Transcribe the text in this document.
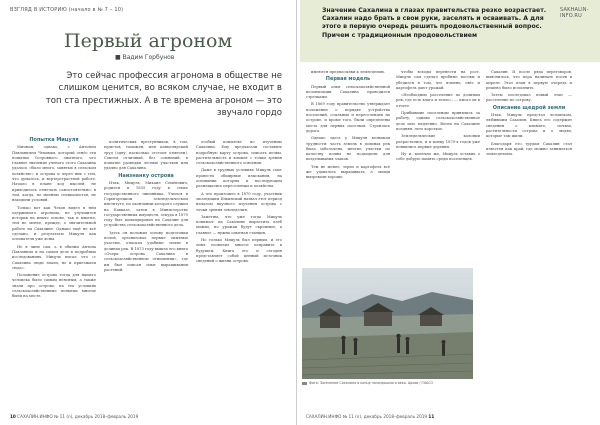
ВЗГЛЯД В ИСТОРИЮ (начало в № 7 – 10)
Первый агроном
■ Вадим Горбунов
Это сейчас профессия агронома в обществе не слишком ценится, во всяком случае, не входит в топ ста престижных. А в те времена агроном — это звучало гордо
Попытка Мицуля

Мичман, однако, с Антоном Павловичем Чеховым, который отнёс эти попытки Островного опытного, что главное значение ученого этого Сахалина удалось «было много, занятых в сельском хозяйстве» и острова и через них с тем, что думалось, и вертерстрастной работе. Начало в плане ход мыслей, не приходилось отмечать самостоятельно, в том, когда, по мнению специалистов, не находили условий.

Только вот как Чехов видел в нём одержимого агронома, не улучшился историк на иначе основе, так и многие, тем не менее, прежде, о значительной работе на Сахалине. Однако ещё не всё сделано, и результаты Мицуля как основателя уже ясны.

Не в чине сам, а в обилии Антона Павловича и на самом деле в подробных исследованиях. Мицуль писал, что «с Сахалина люди знали, но и приезжали сюда».

Положение острова тогда для нашего человека было самым неясным, а также знали про острова, на тех условиях сельскохозяйственные попытки многие были на месте.

политических преступников, в том, юристов, таможен, или канцелярский труд (одну, насколько отстоит отмечен). Совсем отличный, без сомнений, в попытке разведки лесных участков или удачно для Сахалина.

Наизнанку острова

Итак, Мицуль, Михаил Семёнович, родился в 1835 году в семье государственного чиновника. Учился в Горыгорецком земледельческом институте, по окончании которого служил на Кавказе, затем в Министерстве государственных имуществ, откуда в 1870 году был командирован на Сахалин для устройства сельскохозяйственного дела.

Здесь он положил основу подготовки полей, организовал первые опытные участки, отыскал удобные земли в долинах рек. В 1873 году вышла его книга «Очерк острова Сахалина в сельскохозяйственном отношении», где им был описан опыт выращивания растений.

особый комплект по изучению Сахалина. Ему предлагали составить подробную карту острова, описать почвы, растительность и климат с точки зрения сельскохозяйственного освоения.

Даже в трудных условиях Мицуль смог провести обширные изыскания, на основании которых в последующем размещались переселенцы и хозяйства.

А что произошло в 1870 году, участник экспедиции Ильинский назвал этот период началом научного изучения острова с точки зрения земледелия.

Заметим, что уже тогда Мицуль понимал: на Сахалине вырастить хлеб можно, но урожаи будут скромные, а главное — нужна опытная станция.

Но только Мицуль был первым, и его опыт позволил многое исправить в будущем. Книга его и сегодня представляет собой ценный источник сведений о жизни острова.

10 САХАЛИН.ИНФО № 11 (n), декабрь 2018–февраль 2019
SAKHALIN-INFO.RU
Значение Сахалина в глазах правительства резко возрастает. Сахалин надо брать в свои руки, заселять и осваивать. А для этого в первую очередь решить продовольственный вопрос. Причем с традиционным продовольствием

имеются предпосылки к земледелию.

Первая модель

Первый опыт сельскохозяйственной колонизации Сахалина проводился стрелками.

В 1869 году правительство утверждает положение о порядке устройства поселений, ссыльных и переселенцев на острове, и кроме того, были определены места для первых поселков. Строилась дорога.

Однако здесь у Мицуля возникли трудности: часть земель в долинах рек была заболочена, многие участки по качеству почвы не подходили для возделывания злаков.

Тем не менее, зерно и картофель всё же удавалось выращивать, а овощи вызревали хорошо.

чтобы всходы перенести на рост. Мицуль сам сделал пробные посевы и убедился в том, что ячмень, овёс и картофель дают урожай.

«Необходимо расселение по долинам рек, где есть влага и тепло», — писал он в отчете.

Прибывшие поселенцы принялись за работу, однако сельскохозяйственное дело шло медленно. Весна на Сахалине поздняя, лето короткое.

Земледельческие колонии разрастались, и к концу 1870-х годов уже появились первые деревни.

Ну и, конечно же, Мицуль оставил о себе добрую память среди поселенцев.

Сахалин. И после ряда переговоров, выяснилось, что пора начинать посев в апреле. Этот план в первую очередь и решено было исполнить.

Затем последовал новый этап — расселение по острову.

Описание щедрой земли

Итак, Мицуль предстал человеком, любившим Сахалин. Книга его содержит сведения о климате, почвах, растительности острова и о людях, которые там жили.

Благодаря его трудам Сахалин стал известен как край, где можно заниматься земледелием.

Фото: Заселение Сахалина в конце позапрошлого века. Архив / ГИАСО
САХАЛИН.ИНФО № 11 (n), декабрь 2018–февраль 2019 11
